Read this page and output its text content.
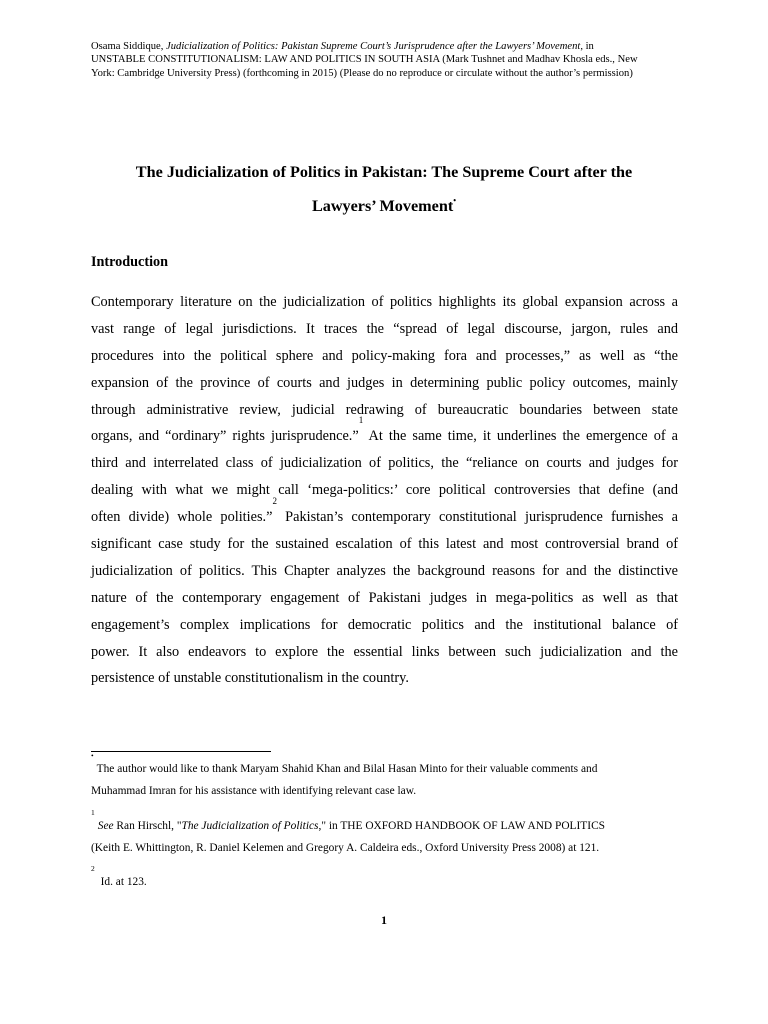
Osama Siddique, Judicialization of Politics: Pakistan Supreme Court’s Jurisprudence after the Lawyers’ Movement, in
UNSTABLE CONSTITUTIONALISM: LAW AND POLITICS IN SOUTH ASIA (Mark Tushnet and Madhav Khosla eds., New
York: Cambridge University Press) (forthcoming in 2015) (Please do no reproduce or circulate without the author’s permission)
The Judicialization of Politics in Pakistan: The Supreme Court after the
Lawyers’ Movement•
Introduction
Contemporary literature on the judicialization of politics highlights its global expansion across a
vast range of legal jurisdictions. It traces the “spread of legal discourse, jargon, rules and
procedures into the political sphere and policy-making fora and processes,” as well as “the
expansion of the province of courts and judges in determining public policy outcomes, mainly
through administrative review, judicial redrawing of bureaucratic boundaries between state
organs, and “ordinary” rights jurisprudence.”$^1$ At the same time, it underlines the emergence of a
third and interrelated class of judicialization of politics, the “reliance on courts and judges for
dealing with what we might call ‘mega-politics:’ core political controversies that define (and
often divide) whole polities.”$^2$ Pakistan’s contemporary constitutional jurisprudence furnishes a
significant case study for the sustained escalation of this latest and most controversial brand of
judicialization of politics. This Chapter analyzes the background reasons for and the distinctive
nature of the contemporary engagement of Pakistani judges in mega-politics as well as that
engagement’s complex implications for democratic politics and the institutional balance of
power. It also endeavors to explore the essential links between such judicialization and the
persistence of unstable constitutionalism in the country.
•The author would like to thank Maryam Shahid Khan and Bilal Hasan Minto for their valuable comments and
Muhammad Imran for his assistance with identifying relevant case law.
$^1$See Ran Hirschl, "The Judicialization of Politics," in THE OXFORD HANDBOOK OF LAW AND POLITICS
(Keith E. Whittington, R. Daniel Kelemen and Gregory A. Caldeira eds., Oxford University Press 2008) at 121.
$^2$ Id. at 123.
1
